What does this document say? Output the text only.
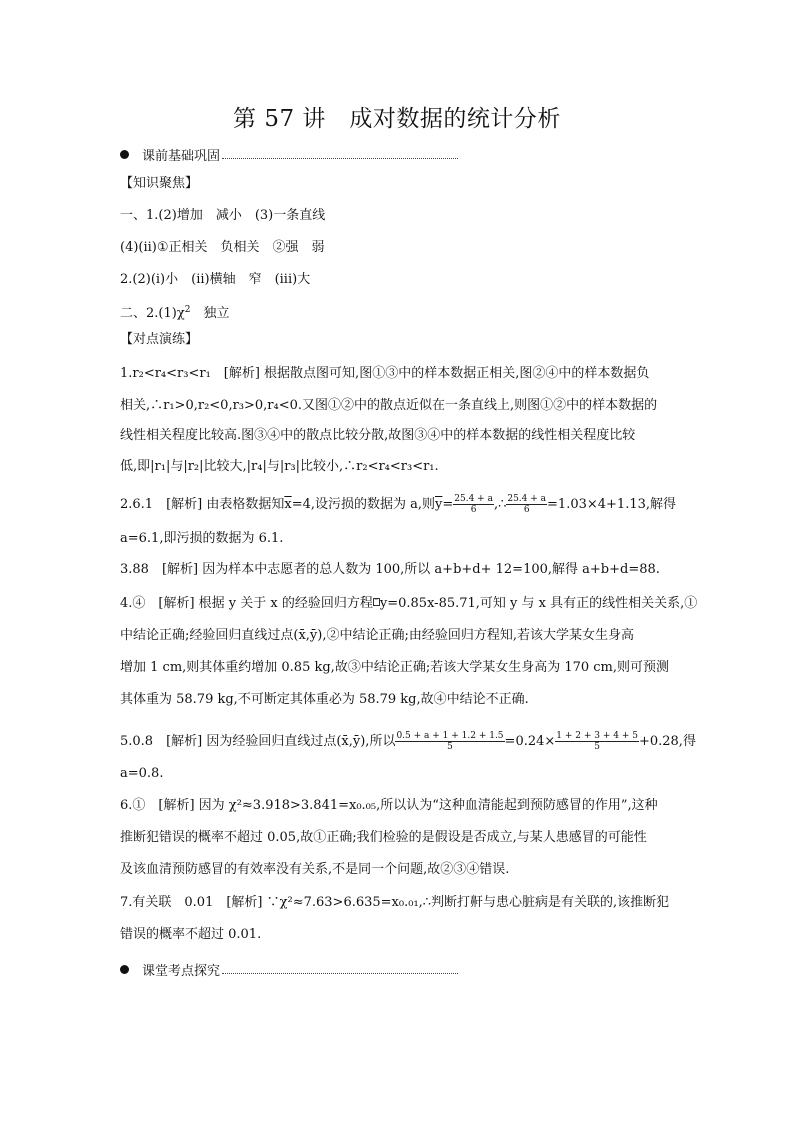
第 57 讲　成对数据的统计分析
课前基础巩固
【知识聚焦】
一、1.(2)增加　减小　(3)一条直线
(4)(ii)①正相关　负相关　②强　弱
2.(2)(i)小　(ii)横轴　窄　(iii)大
二、$2.(1)\chi^2$　独立
【对点演练】
1.r₂<r₄<r₃<r₁　[解析] 根据散点图可知,图①③中的样本数据正相关,图②④中的样本数据负
相关,∴r₁>0,r₂<0,r₃>0,r₄<0.又图①②中的散点近似在一条直线上,则图①②中的样本数据的
线性相关程度比较高.图③④中的散点比较分散,故图③④中的样本数据的线性相关程度比较
低,即|r₁|与|r₂|比较大,|r₄|与|r₃|比较小,∴r₂<r₄<r₃<r₁.
2.6.1　[解析] 由表格数据知$\overline{x}=4$,设污损的数据为 a,则$\overline{y}= \frac{25.4 + a}{6}$ ,∴ $\frac{25.4 + a}{6} =1.03\times 4+1.13$,解得
a=6.1,即污损的数据为 6.1.
3.88　[解析] 因为样本中志愿者的总人数为 100,所以 a+b+d+ 12=100,解得 a+b+d=88.
4.④　[解析] 根据 y 关于 x 的经验回归方程^y=0.85x-85.71,可知 y 与 x 具有正的线性相关关系,①
中结论正确;经验回归直线过点(x̄,ȳ),②中结论正确;由经验回归方程知,若该大学某女生身高
增加 1 cm,则其体重约增加 0.85 kg,故③中结论正确;若该大学某女生身高为 170 cm,则可预测
其体重为 58.79 kg,不可断定其体重必为 58.79 kg,故④中结论不正确.
5.0.8　[解析] 因为经验回归直线过点(x̄,ȳ),所以 $\frac{0.5 + a + 1 + 1.2 + 1.5}{5} =0.24\times \frac{1 + 2 + 3 + 4 + 5}{5} +0.28$,得
a=0.8.
6.①　[解析] 因为 χ²≈3.918>3.841=x₀.₀₅,所以认为“这种血清能起到预防感冒的作用”,这种
推断犯错误的概率不超过 0.05,故①正确;我们检验的是假设是否成立,与某人患感冒的可能性
及该血清预防感冒的有效率没有关系,不是同一个问题,故②③④错误.
7.有关联　0.01　[解析] ∵χ²≈7.63>6.635=x₀.₀₁,∴判断打鼾与患心脏病是有关联的,该推断犯
错误的概率不超过 0.01.
课堂考点探究
